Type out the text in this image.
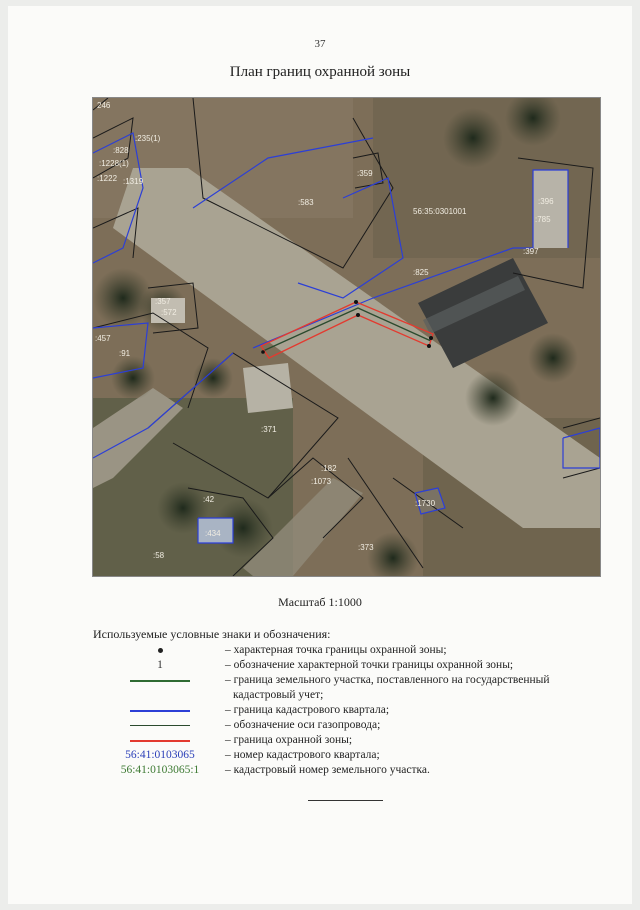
37
План границ охранной зоны
246
:235(1)
:828
:1228(1)
:1222 :1319
:359
:583
56:35:0301001
:396
:785
:397
:825
:357
:572
:457
:91
:371
:182
:1073
:42
:434
:58
:1730
:373
Масштаб 1:1000
Используемые условные знаки и обозначения:
– характерная точка границы охранной зоны;
1	– обозначение характерной точки границы охранной зоны;
– граница земельного участка, поставленного на государственный
кадастровый учет;
– граница кадастрового квартала;
– обозначение оси газопровода;
– граница охранной зоны;
56:41:0103065	– номер кадастрового квартала;
56:41:0103065:1	– кадастровый номер земельного участка.
